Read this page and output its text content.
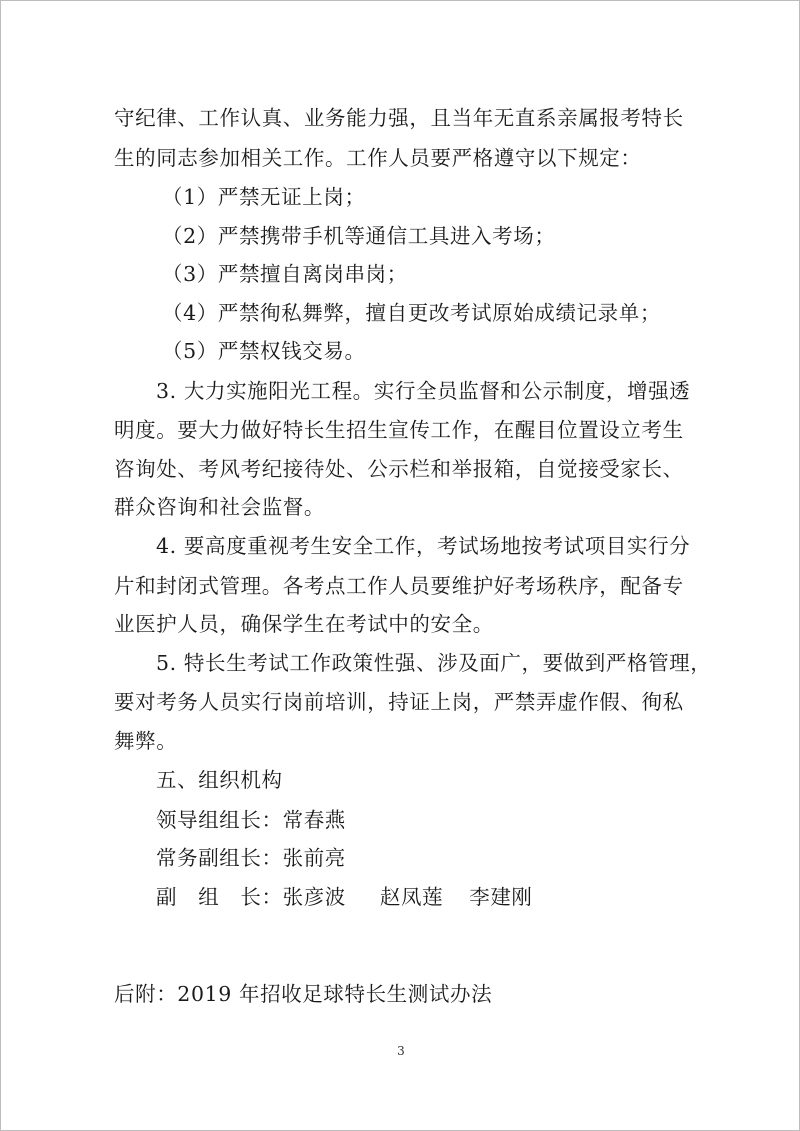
守纪律、工作认真、业务能力强，且当年无直系亲属报考特长
生的同志参加相关工作。工作人员要严格遵守以下规定：
（1）严禁无证上岗；
（2）严禁携带手机等通信工具进入考场；
（3）严禁擅自离岗串岗；
（4）严禁徇私舞弊，擅自更改考试原始成绩记录单；
（5）严禁权钱交易。
3. 大力实施阳光工程。实行全员监督和公示制度，增强透
明度。要大力做好特长生招生宣传工作，在醒目位置设立考生
咨询处、考风考纪接待处、公示栏和举报箱，自觉接受家长、
群众咨询和社会监督。
4. 要高度重视考生安全工作，考试场地按考试项目实行分
片和封闭式管理。各考点工作人员要维护好考场秩序，配备专
业医护人员，确保学生在考试中的安全。
5. 特长生考试工作政策性强、涉及面广，要做到严格管理，
要对考务人员实行岗前培训，持证上岗，严禁弄虚作假、徇私
舞弊。
五、组织机构
领导组组长：常春燕
常务副组长：张前亮
副　组　长：张彦波 赵凤莲 李建刚
后附：2019 年招收足球特长生测试办法
3
